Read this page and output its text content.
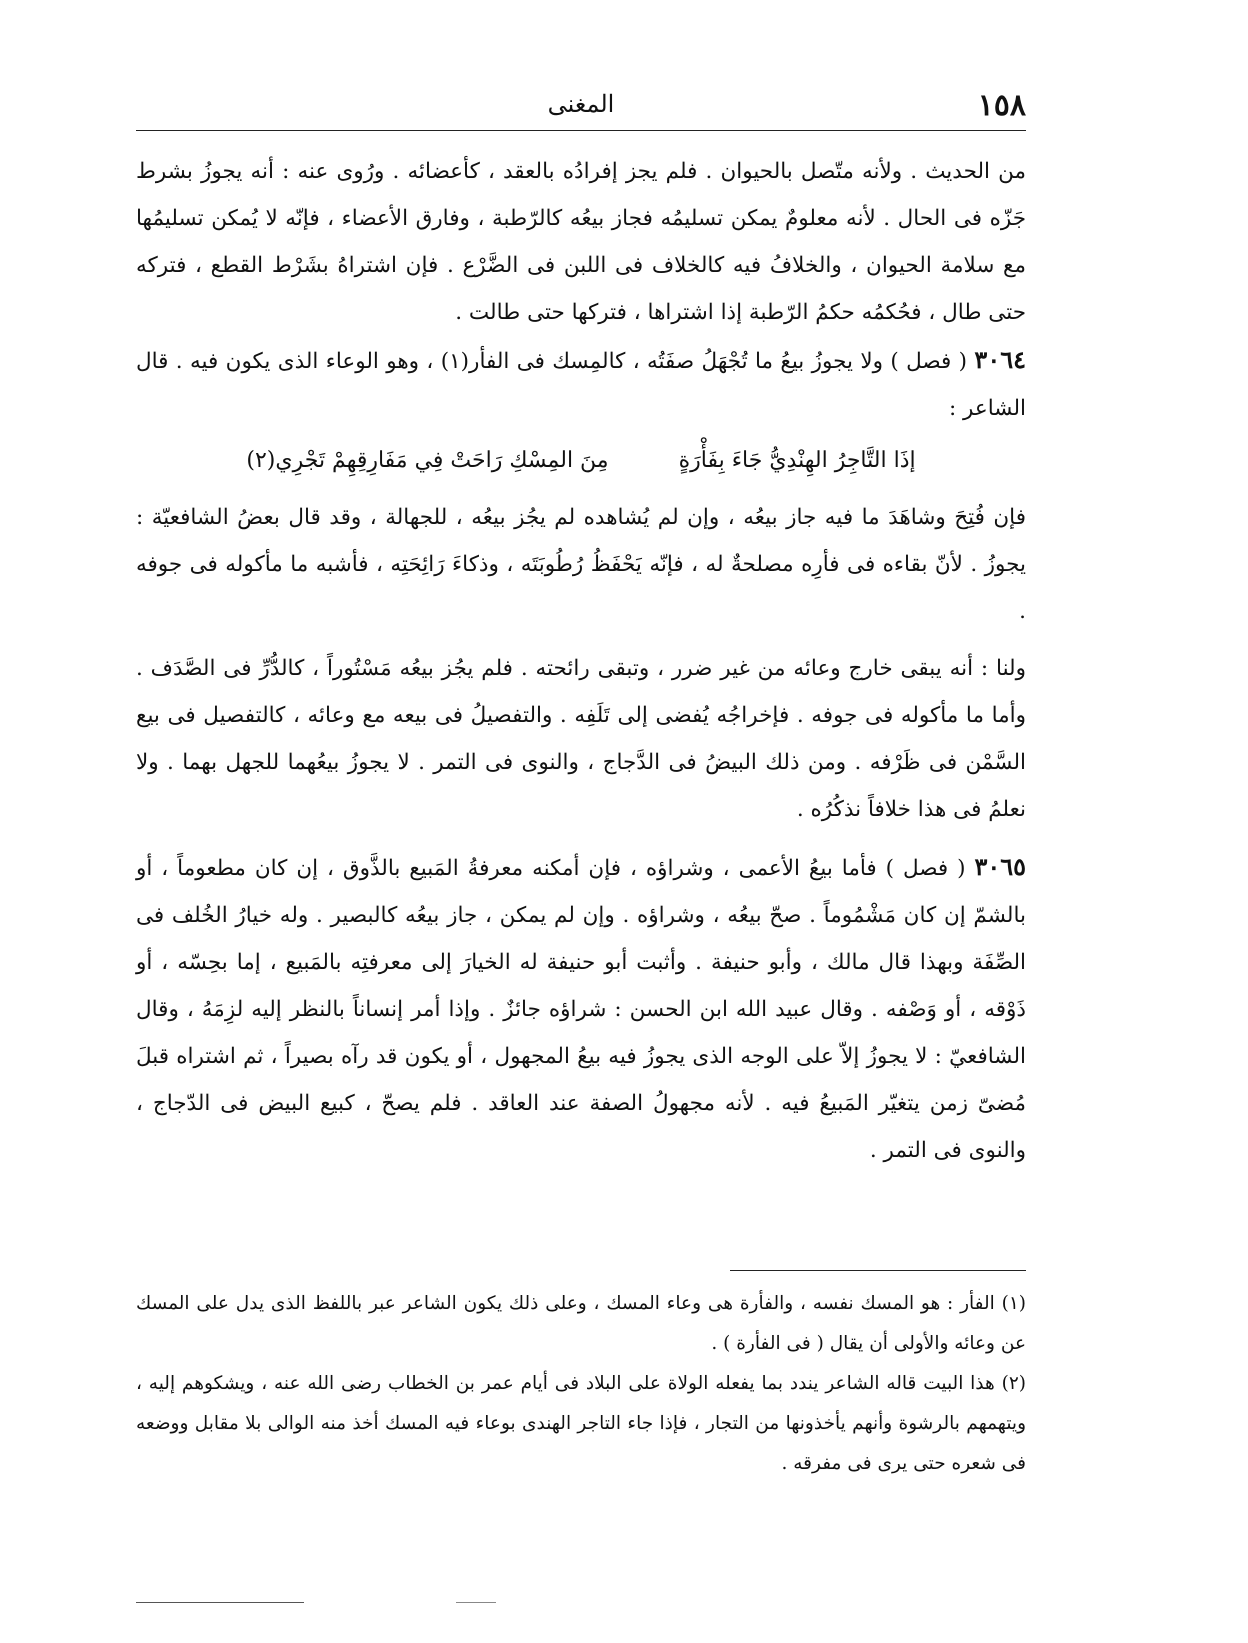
١٥٨
المغنى

من الحديث . ولأنه متّصل بالحيوان . فلم يجز إفرادُه بالعقد ، كأعضائه . ورُوى عنه : أنه يجوزُ بشرط جَزّه فى الحال . لأنه معلومٌ يمكن تسليمُه فجاز بيعُه كالرّطبة ، وفارق الأعضاء ، فإنّه لا يُمكن تسليمُها مع سلامة الحيوان ، والخلافُ فيه كالخلاف فى اللبن فى الضَّرْع . فإن اشتراهُ بشَرْط القطع ، فتركه حتى طال ، فحُكمُه حكمُ الرّطبة إذا اشتراها ، فتركها حتى طالت .

٣٠٦٤ ( فصل ) ولا يجوزُ بيعُ ما تُجْهَلُ صفَتُه ، كالمِسك فى الفأر(١) ، وهو الوعاء الذى يكون فيه . قال الشاعر :

إذَا التَّاجِرُ الهِنْدِيُّ جَاءَ بِفَأْرَةٍ  مِنَ المِسْكِ رَاحَتْ فِي مَفَارِقِهِمْ تَجْرِي(٢)

فإن فُتِحَ وشاهَدَ ما فيه جاز بيعُه ، وإن لم يُشاهده لم يجُز بيعُه ، للجهالة ، وقد قال بعضُ الشافعيّة : يجوزُ . لأنّ بقاءه فى فأرِه مصلحةٌ له ، فإنّه يَحْفَظُ رُطُوبَتَه ، وذكاءَ رَائِحَتِه ، فأشبه ما مأكوله فى جوفه .

ولنا : أنه يبقى خارج وعائه من غير ضرر ، وتبقى رائحته . فلم يجُز بيعُه مَسْتُوراً ، كالدُّرِّ فى الصَّدَف . وأما ما مأكوله فى جوفه . فإخراجُه يُفضى إلى تَلَفِه . والتفصيلُ فى بيعه مع وعائه ، كالتفصيل فى بيع السَّمْن فى ظَرْفه . ومن ذلك البيضُ فى الدَّجاج ، والنوى فى التمر . لا يجوزُ بيعُهما للجهل بهما . ولا نعلمُ فى هذا خلافاً نذكُرُه .

٣٠٦٥ ( فصل ) فأما بيعُ الأعمى ، وشراؤه ، فإن أمكنه معرفةُ المَبيع بالذَّوق ، إن كان مطعوماً ، أو بالشمّ إن كان مَشْمُوماً . صحّ بيعُه ، وشراؤه . وإن لم يمكن ، جاز بيعُه كالبصير . وله خيارُ الخُلف فى الصِّفَة وبهذا قال مالك ، وأبو حنيفة . وأثبت أبو حنيفة له الخيارَ إلى معرفتِه بالمَبيع ، إما بحِسّه ، أو ذَوْقه ، أو وَصْفه . وقال عبيد الله ابن الحسن : شراؤه جائزٌ . وإذا أمر إنساناً بالنظر إليه لزِمَهُ ، وقال الشافعيّ : لا يجوزُ إلاّ على الوجه الذى يجوزُ فيه بيعُ المجهول ، أو يكون قد رآه بصيراً ، ثم اشتراه قبلَ مُضىّ زمن يتغيّر المَبيعُ فيه . لأنه مجهولُ الصفة عند العاقد . فلم يصحّ ، كبيع البيض فى الدّجاج ، والنوى فى التمر .

(١) الفأر : هو المسك نفسه ، والفأرة هى وعاء المسك ، وعلى ذلك يكون الشاعر عبر باللفظ الذى يدل على المسك عن وعائه والأولى أن يقال ( فى الفأرة ) .

(٢) هذا البيت قاله الشاعر يندد بما يفعله الولاة على البلاد فى أيام عمر بن الخطاب رضى الله عنه ، ويشكوهم إليه ، ويتهمهم بالرشوة وأنهم يأخذونها من التجار ، فإذا جاء التاجر الهندى بوعاء فيه المسك أخذ منه الوالى بلا مقابل ووضعه فى شعره حتى يرى فى مفرقه .
